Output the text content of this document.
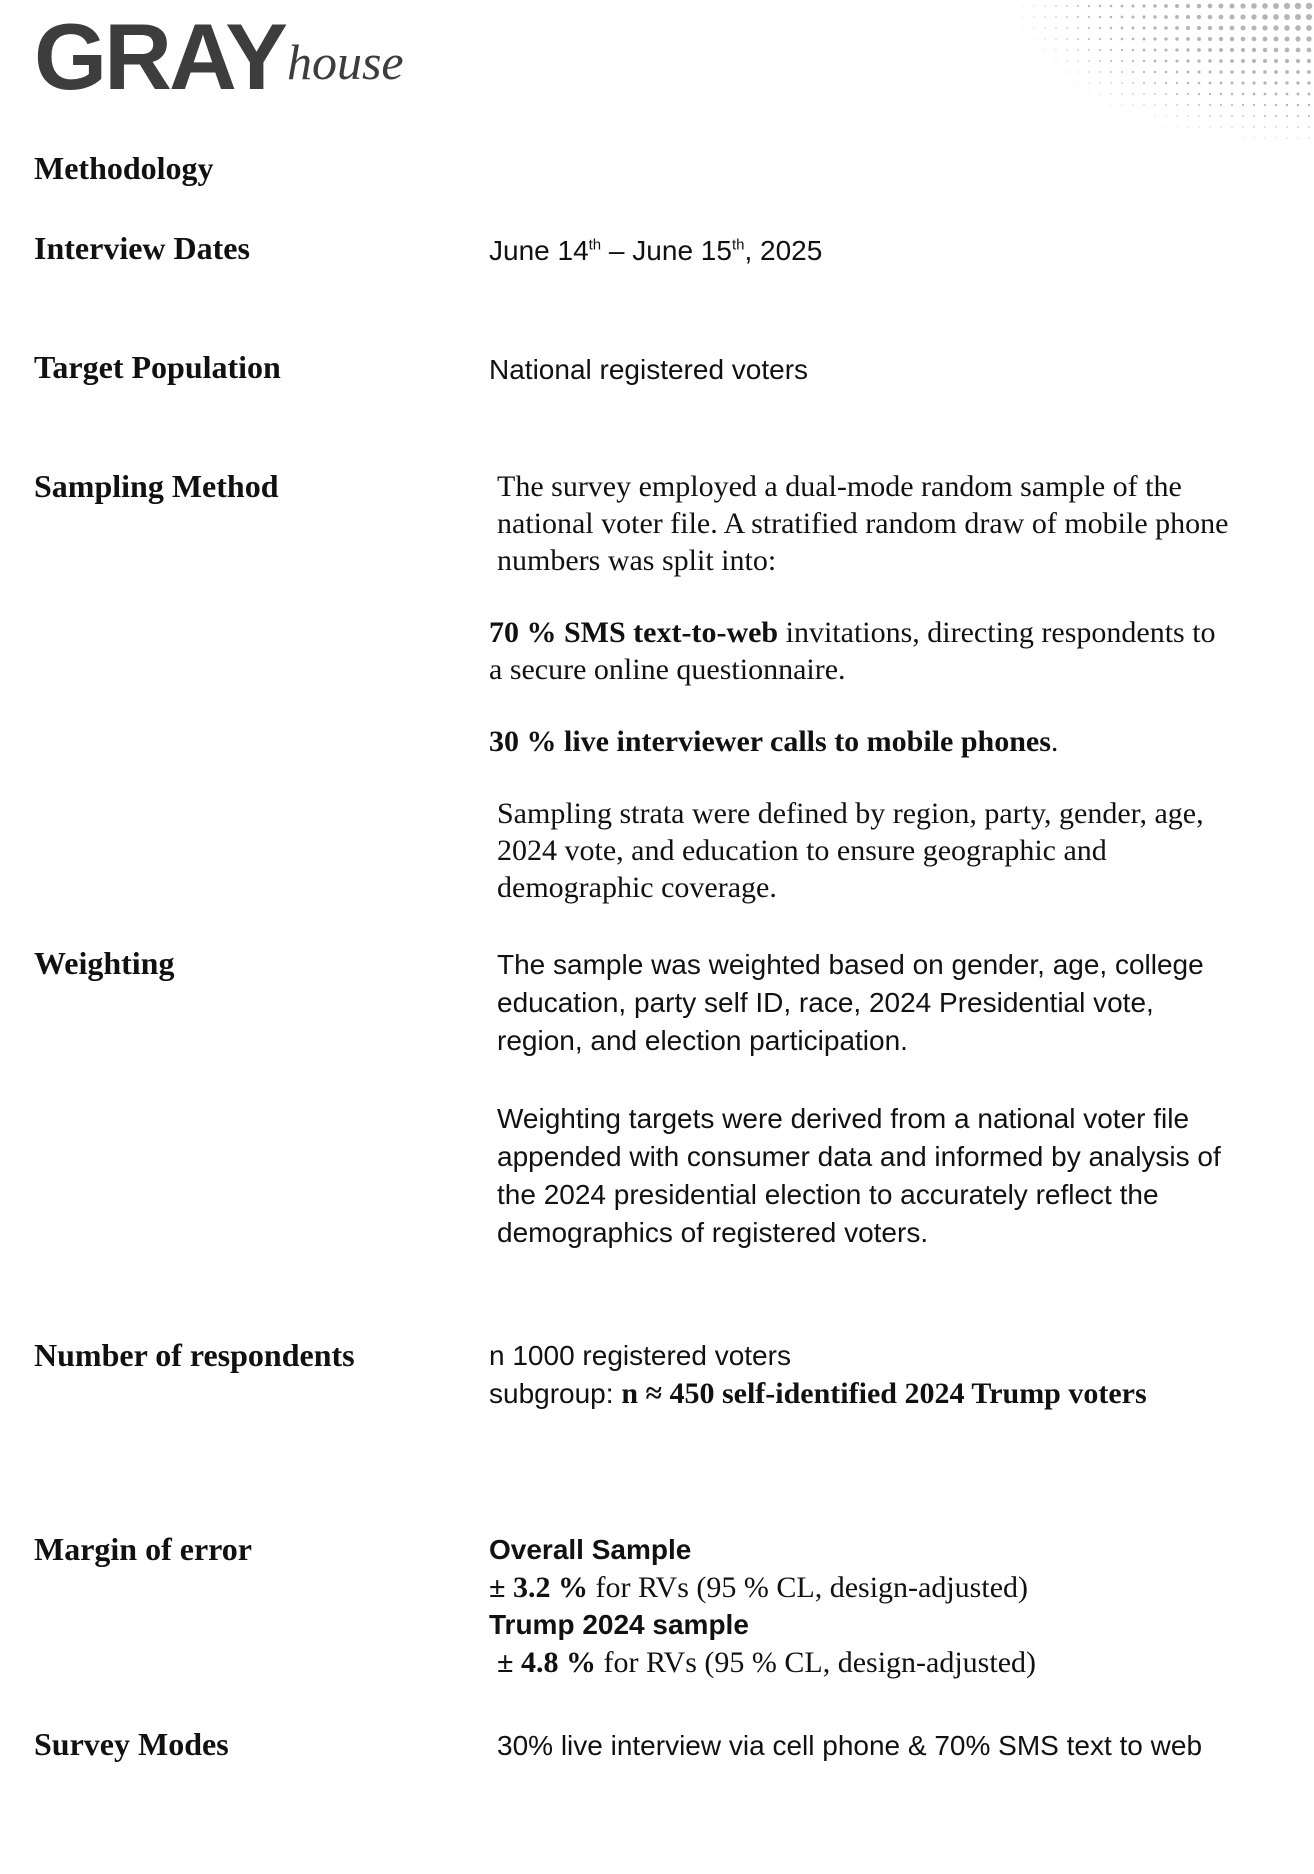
GRAYhouse
Methodology
Interview Dates	June 14th – June 15th, 2025
Target Population	National registered voters
Sampling Method	The survey employed a dual-mode random sample of the national voter file. A stratified random draw of mobile phone numbers was split into:

70 % SMS text-to-web invitations, directing respondents to a secure online questionnaire.

30 % live interviewer calls to mobile phones.

Sampling strata were defined by region, party, gender, age, 2024 vote, and education to ensure geographic and demographic coverage.

Weighting	The sample was weighted based on gender, age, college education, party self ID, race, 2024 Presidential vote, region, and election participation.

Weighting targets were derived from a national voter file appended with consumer data and informed by analysis of the 2024 presidential election to accurately reflect the demographics of registered voters.

Number of respondents	n 1000 registered voters

subgroup: n ≈ 450 self-identified 2024 Trump voters

Margin of error	Overall Sample

± 3.2 % for RVs (95 % CL, design-adjusted)

Trump 2024 sample

± 4.8 % for RVs (95 % CL, design-adjusted)

Survey Modes	30% live interview via cell phone & 70% SMS text to web
